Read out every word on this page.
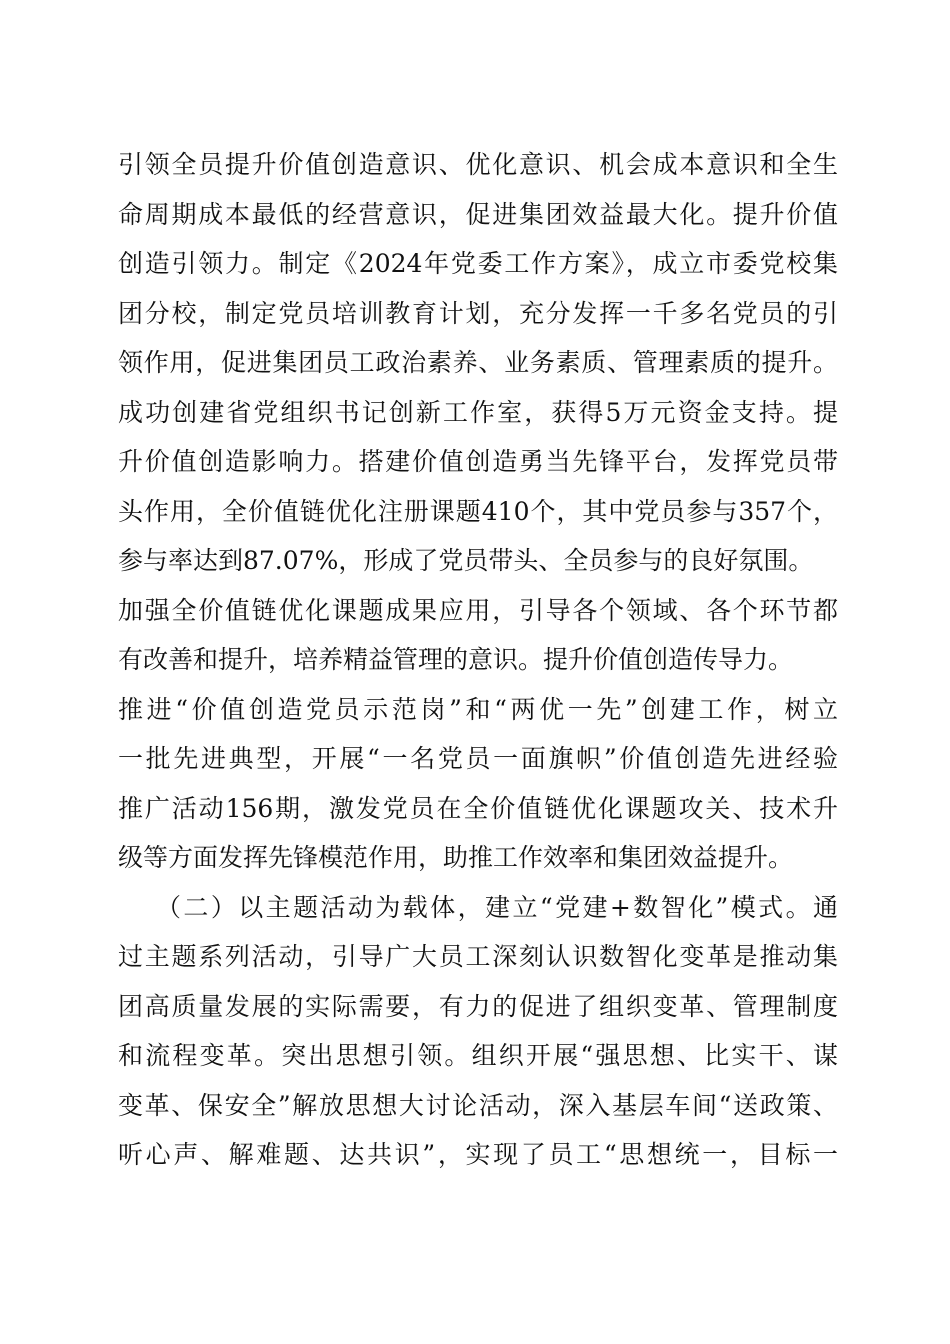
引领全员提升价值创造意识、优化意识、机会成本意识和全生
命周期成本最低的经营意识，促进集团效益最大化。提升价值
创造引领力。制定《2024年党委工作方案》，成立市委党校集
团分校，制定党员培训教育计划，充分发挥一千多名党员的引
领作用，促进集团员工政治素养、业务素质、管理素质的提升。
成功创建省党组织书记创新工作室，获得5万元资金支持。提
升价值创造影响力。搭建价值创造勇当先锋平台，发挥党员带
头作用，全价值链优化注册课题410个，其中党员参与357个，
参与率达到87.07%，形成了党员带头、全员参与的良好氛围。
加强全价值链优化课题成果应用，引导各个领域、各个环节都
有改善和提升，培养精益管理的意识。提升价值创造传导力。
推进“价值创造党员示范岗”和“两优一先”创建工作，树立
一批先进典型，开展“一名党员一面旗帜”价值创造先进经验
推广活动156期，激发党员在全价值链优化课题攻关、技术升
级等方面发挥先锋模范作用，助推工作效率和集团效益提升。
（二）以主题活动为载体，建立“党建+数智化”模式。通
过主题系列活动，引导广大员工深刻认识数智化变革是推动集
团高质量发展的实际需要，有力的促进了组织变革、管理制度
和流程变革。突出思想引领。组织开展“强思想、比实干、谋
变革、保安全”解放思想大讨论活动，深入基层车间“送政策、
听心声、解难题、达共识”，实现了员工“思想统一，目标一
